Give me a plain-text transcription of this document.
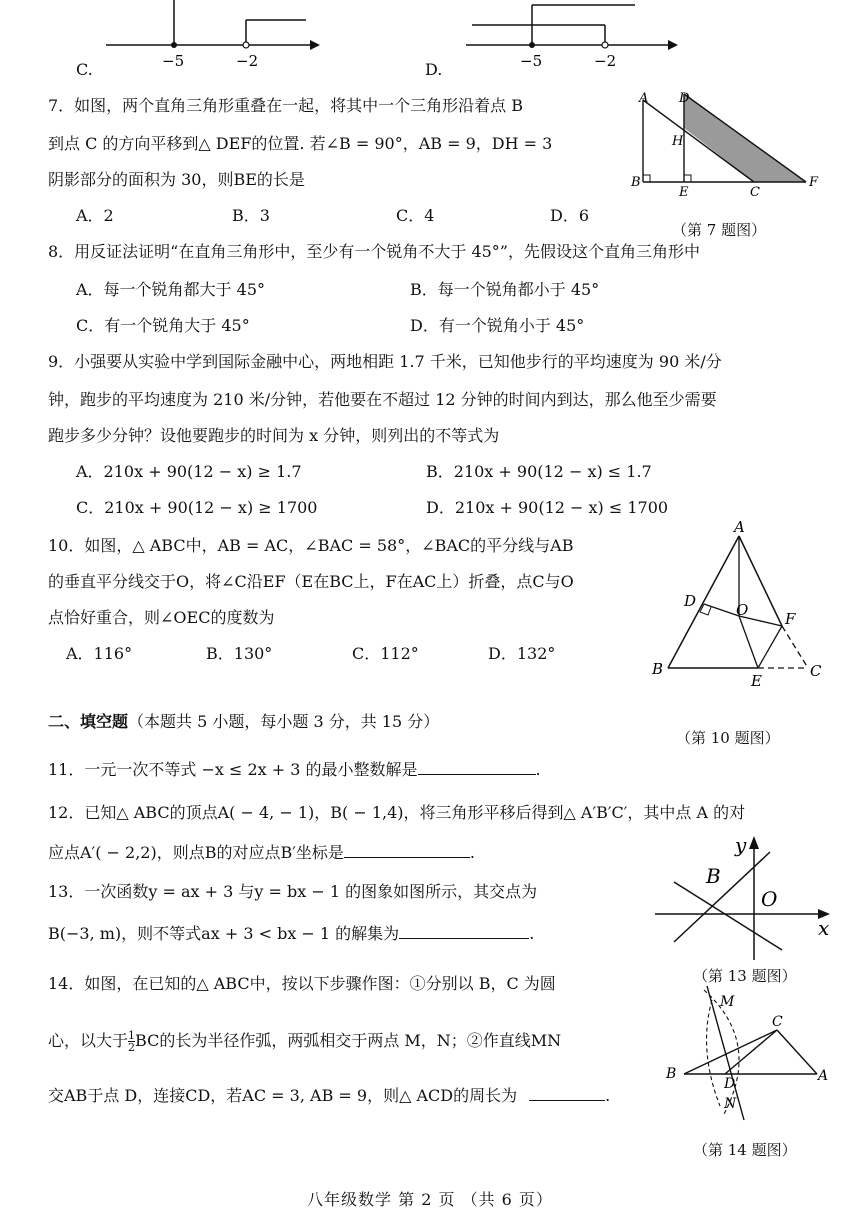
−5	−2
C.	−5	−2
D.
7．如图，两个直角三角形重叠在一起，将其中一个三角形沿着点 B
到点 C 的方向平移到△ DEF的位置. 若∠B = 90°，AB = 9，DH = 3
阴影部分的面积为 30，则BE的长是
A．2	B．3	C．4	D．6
A D
H
B
E	C
F
（第 7 题图）
8．用反证法证明“在直角三角形中，至少有一个锐角不大于 45°”，先假设这个直角三角形中
A．每一个锐角都大于 45°	B．每一个锐角都小于 45°
C．有一个锐角大于 45°	D．有一个锐角小于 45°
9．小强要从实验中学到国际金融中心，两地相距 1.7 千米，已知他步行的平均速度为 90 米/分
钟，跑步的平均速度为 210 米/分钟，若他要在不超过 12 分钟的时间内到达，那么他至少需要
跑步多少分钟？设他要跑步的时间为 x 分钟，则列出的不等式为
A．210x + 90(12 − x) ≥ 1.7	B．210x + 90(12 − x) ≤ 1.7
C．210x + 90(12 − x) ≥ 1700	D．210x + 90(12 − x) ≤ 1700
10．如图，△ ABC中，AB = AC，∠BAC = 58°，∠BAC的平分线与AB
的垂直平分线交于O，将∠C沿EF（E在BC上，F在AC上）折叠，点C与O
点恰好重合，则∠OEC的度数为
A．116°	B．130°	C．112°	D．132°
A
D	O F
B
E
C
（第 10 题图）
二、填空题（本题共 5 小题，每小题 3 分，共 15 分）
11．一元一次不等式 −x ≤ 2x + 3 的最小整数解是	.
12．已知△ ABC的顶点A( − 4, − 1)，B( − 1,4)，将三角形平移后得到△ A′B′C′，其中点 A 的对
应点A′( − 2,2)，则点B的对应点B′坐标是	.
13．一次函数y = ax + 3 与y = bx − 1 的图象如图所示，其交点为
B(−3, m)，则不等式ax + 3 < bx − 1 的解集为	.
y
B
O
x
（第 13 题图）
14．如图，在已知的△ ABC中，按以下步骤作图：①分别以 B，C 为圆
心，以大于 $\frac{1}{2}$ BC的长为半径作弧，两弧相交于两点 M，N；②作直线MN
交AB于点 D，连接CD，若AC = 3, AB = 9，则△ ACD的周长为	.
M
C
B
D	A
N
（第 14 题图）
八年级数学 第 2 页 （共 6 页）
